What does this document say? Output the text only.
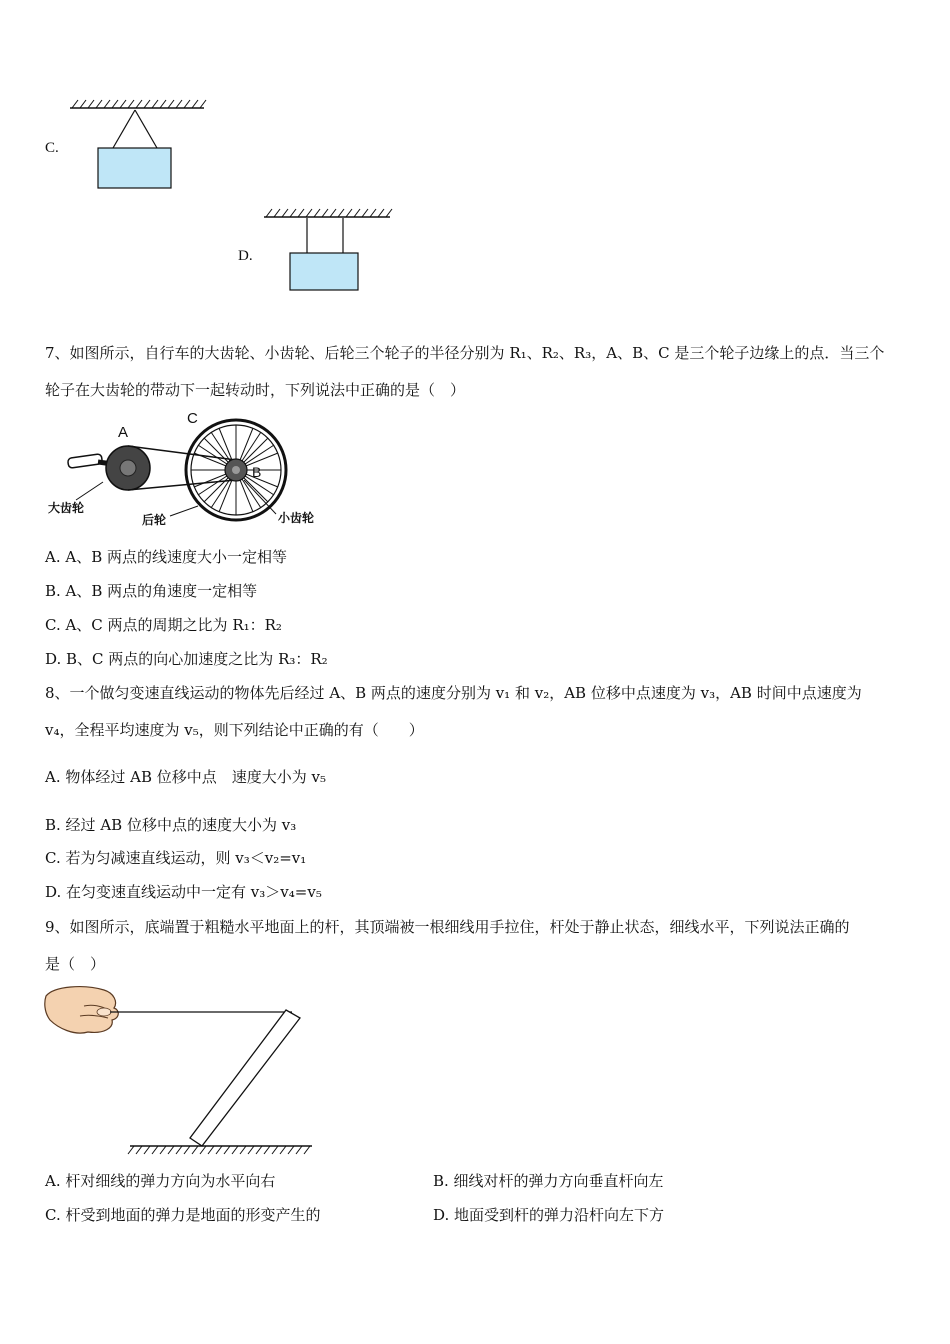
C.
D.
7、如图所示，自行车的大齿轮、小齿轮、后轮三个轮子的半径分别为 R₁、R₂、R₃，A、B、C 是三个轮子边缘上的点．当三个
轮子在大齿轮的带动下一起转动时，下列说法中正确的是（　）
A
C
B
大齿轮
后轮	小齿轮
A. A、B 两点的线速度大小一定相等
B. A、B 两点的角速度一定相等
C. A、C 两点的周期之比为 R₁：R₂
D. B、C 两点的向心加速度之比为 R₃：R₂
8、一个做匀变速直线运动的物体先后经过 A、B 两点的速度分别为 v₁ 和 v₂，AB 位移中点速度为 v₃，AB 时间中点速度为
v₄，全程平均速度为 v₅，则下列结论中正确的有（　　）
A. 物体经过 AB 位移中点　速度大小为 v₅
B. 经过 AB 位移中点的速度大小为 v₃
C. 若为匀减速直线运动，则 v₃＜v₂=v₁
D. 在匀变速直线运动中一定有 v₃＞v₄=v₅
9、如图所示，底端置于粗糙水平地面上的杆，其顶端被一根细线用手拉住，杆处于静止状态，细线水平，下列说法正确的
是（　）
A. 杆对细线的弹力方向为水平向右	B. 细线对杆的弹力方向垂直杆向左
C. 杆受到地面的弹力是地面的形变产生的	D. 地面受到杆的弹力沿杆向左下方
